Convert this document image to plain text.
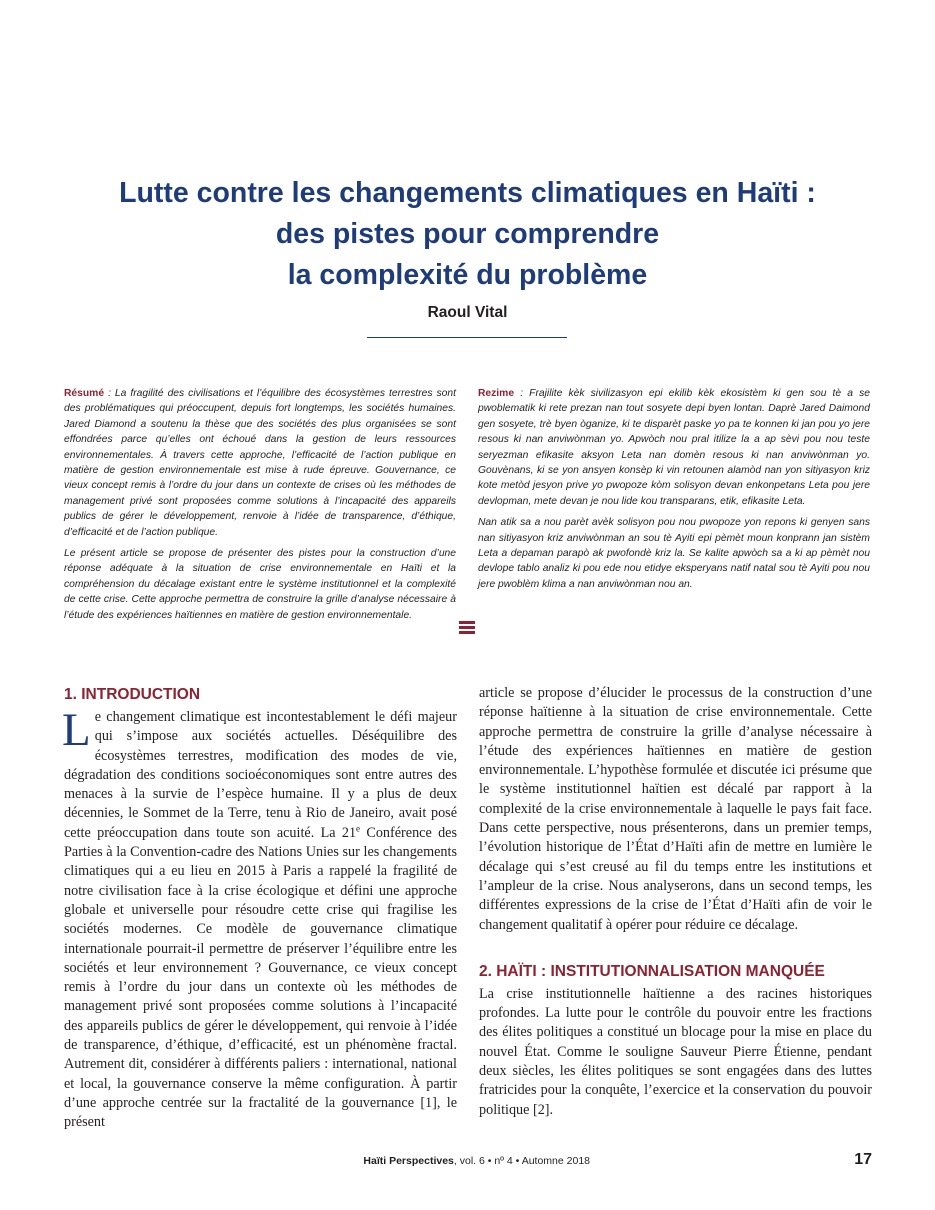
Lutte contre les changements climatiques en Haïti :
des pistes pour comprendre
la complexité du problème
Raoul Vital

Résumé : La fragilité des civilisations et l’équilibre des écosystèmes terrestres sont des problématiques qui préoccupent, depuis fort longtemps, les sociétés humaines. Jared Diamond a soutenu la thèse que des sociétés des plus organisées se sont effondrées parce qu’elles ont échoué dans la gestion de leurs ressources environnementales. À travers cette approche, l’efficacité de l’action publique en matière de gestion environnementale est mise à rude épreuve. Gouvernance, ce vieux concept remis à l’ordre du jour dans un contexte de crises où les méthodes de management privé sont proposées comme solutions à l’incapacité des appareils publics de gérer le développement, renvoie à l’idée de transparence, d’éthique, d’efficacité et de l’action publique.

Le présent article se propose de présenter des pistes pour la construction d’une réponse adéquate à la situation de crise environnementale en Haïti et la compréhension du décalage existant entre le système institutionnel et la complexité de cette crise. Cette approche permettra de construire la grille d’analyse nécessaire à l’étude des expériences haïtiennes en matière de gestion environnementale.

Rezime : Frajilite kèk sivilizasyon epi ekilib kèk ekosistèm ki gen sou tè a se pwoblematik ki rete prezan nan tout sosyete depi byen lontan. Daprè Jared Daimond gen sosyete, trè byen òganize, ki te disparèt paske yo pa te konnen ki jan pou yo jere resous ki nan anviwònman yo. Apwòch nou pral itilize la a ap sèvi pou nou teste seryezman efikasite aksyon Leta nan domèn resous ki nan anviwònman yo. Gouvènans, ki se yon ansyen konsèp ki vin retounen alamòd nan yon sitiyasyon kriz kote metòd jesyon prive yo pwopoze kòm solisyon devan enkonpetans Leta pou jere devlopman, mete devan je nou lide kou transparans, etik, efikasite Leta.

Nan atik sa a nou parèt avèk solisyon pou nou pwopoze yon repons ki genyen sans nan sitiyasyon kriz anviwònman an sou tè Ayiti epi pèmèt moun konprann jan sistèm Leta a depaman parapò ak pwofondè kriz la. Se kalite apwòch sa a ki ap pèmèt nou devlope tablo analiz ki pou ede nou etidye eksperyans natif natal sou tè Ayiti pou nou jere pwoblèm klima a nan anviwònman nou an.

1. INTRODUCTION

Le changement climatique est incontestablement le défi majeur qui s’impose aux sociétés actuelles. Déséquilibre des écosystèmes terrestres, modification des modes de vie, dégradation des conditions socioéconomiques sont entre autres des menaces à la survie de l’espèce humaine. Il y a plus de deux décennies, le Sommet de la Terre, tenu à Rio de Janeiro, avait posé cette préoccupation dans toute son acuité. La 21e Conférence des Parties à la Convention-cadre des Nations Unies sur les changements climatiques qui a eu lieu en 2015 à Paris a rappelé la fragilité de notre civilisation face à la crise écologique et défini une approche globale et universelle pour résoudre cette crise qui fragilise les sociétés modernes. Ce modèle de gouvernance climatique internationale pourrait-il permettre de préserver l’équilibre entre les sociétés et leur environnement ? Gouvernance, ce vieux concept remis à l’ordre du jour dans un contexte où les méthodes de management privé sont proposées comme solutions à l’incapacité des appareils publics de gérer le développement, qui renvoie à l’idée de transparence, d’éthique, d’efficacité, est un phénomène fractal. Autrement dit, considérer à différents paliers : international, national et local, la gouvernance conserve la même configuration. À partir d’une approche centrée sur la fractalité de la gouvernance [1], le présent

article se propose d’élucider le processus de la construction d’une réponse haïtienne à la situation de crise environnementale. Cette approche permettra de construire la grille d’analyse nécessaire à l’étude des expériences haïtiennes en matière de gestion environnementale. L’hypothèse formulée et discutée ici présume que le système institutionnel haïtien est décalé par rapport à la complexité de la crise environnementale à laquelle le pays fait face. Dans cette perspective, nous présenterons, dans un premier temps, l’évolution historique de l’État d’Haïti afin de mettre en lumière le décalage qui s’est creusé au fil du temps entre les institutions et l’ampleur de la crise. Nous analyserons, dans un second temps, les différentes expressions de la crise de l’État d’Haïti afin de voir le changement qualitatif à opérer pour réduire ce décalage.

2. HAÏTI : INSTITUTIONNALISATION MANQUÉE

La crise institutionnelle haïtienne a des racines historiques profondes. La lutte pour le contrôle du pouvoir entre les fractions des élites politiques a constitué un blocage pour la mise en place du nouvel État. Comme le souligne Sauveur Pierre Étienne, pendant deux siècles, les élites politiques se sont engagées dans des luttes fratricides pour la conquête, l’exercice et la conservation du pouvoir politique [2].

Haïti Perspectives, vol. 6 • nº 4 • Automne 2018	17
